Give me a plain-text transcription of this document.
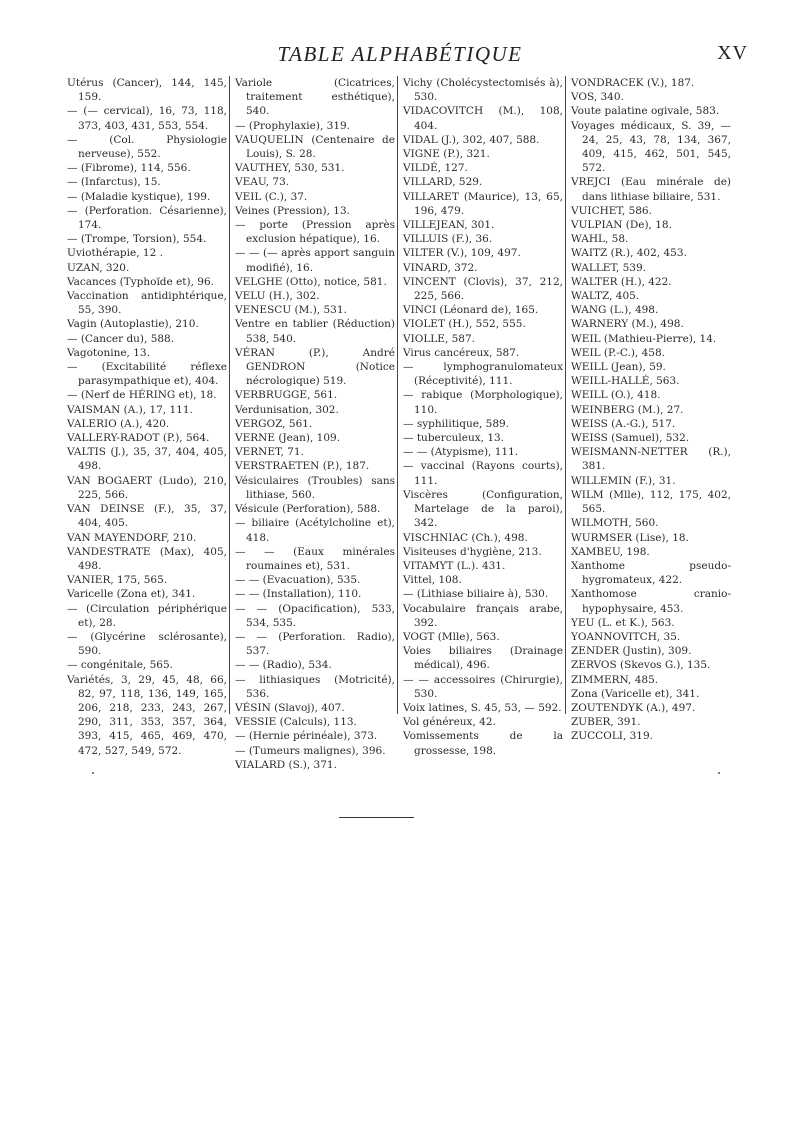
TABLE ALPHABÉTIQUE	XV
Utérus (Cancer), 144, 145, 159.
— (— cervical), 16, 73, 118, 373, 403, 431, 553, 554.
— (Col. Physiologie nerveuse), 552.
— (Fibrome), 114, 556.
— (Infarctus), 15.
— (Maladie kystique), 199.
— (Perforation. Césarienne), 174.
— (Trompe, Torsion), 554.
Uviothérapie, 12 .
UZAN, 320.
Vacances (Typhoïde et), 96.
Vaccination antidiphtérique, 55, 390.
Vagin (Autoplastie), 210.
— (Cancer du), 588.
Vagotonine, 13.
— (Excitabilité réflexe parasympathique et), 404.
— (Nerf de HÉRING et), 18.
VAISMAN (A.), 17, 111.
VALERIO (A.), 420.
VALLERY-RADOT (P.), 564.
VALTIS (J.), 35, 37, 404, 405, 498.
VAN BOGAERT (Ludo), 210, 225, 566.
VAN DEINSE (F.), 35, 37, 404, 405.
VAN MAYENDORF, 210.
VANDESTRATE (Max), 405, 498.
VANIER, 175, 565.
Varicelle (Zona et), 341.
— (Circulation périphérique et), 28.
— (Glycérine sclérosante), 590.
— congénitale, 565.
Variétés, 3, 29, 45, 48, 66, 82, 97, 118, 136, 149, 165, 206, 218, 233, 243, 267, 290, 311, 353, 357, 364, 393, 415, 465, 469, 470, 472, 527, 549, 572.
Variole (Cicatrices, traitement esthétique), 540.
— (Prophylaxie), 319.
VAUQUELIN (Centenaire de Louis), S. 28.
VAUTHEY, 530, 531.
VEAU, 73.
VEIL (C.), 37.
Veines (Pression), 13.
— porte (Pression après exclusion hépatique), 16.
— — (— après apport sanguin modifié), 16.
VELGHE (Otto), notice, 581.
VELU (H.), 302.
VENESCU (M.), 531.
Ventre en tablier (Réduction) 538, 540.
VÉRAN (P.), André GENDRON (Notice nécrologique) 519.
VERBRUGGE, 561.
Verdunisation, 302.
VERGOZ, 561.
VERNE (Jean), 109.
VERNET, 71.
VERSTRAETEN (P.), 187.
Vésiculaires (Troubles) sans lithiase, 560.
Vésicule (Perforation), 588.
— biliaire (Acétylcholine et), 418.
— — (Eaux minérales roumaines et), 531.
— — (Evacuation), 535.
— — (Installation), 110.
— — (Opacification), 533, 534, 535.
— — (Perforation. Radio), 537.
— — (Radio), 534.
— lithiasiques (Motricité), 536.
VÉSIN (Slavoj), 407.
VESSIE (Calculs), 113.
— (Hernie périnéale), 373.
— (Tumeurs malignes), 396.
VIALARD (S.), 371.
Vichy (Cholécystectomisés à), 530.
VIDACOVITCH (M.), 108, 404.
VIDAL (J.), 302, 407, 588.
VIGNE (P.), 321.
VILDÉ, 127.
VILLARD, 529.
VILLARET (Maurice), 13, 65, 196, 479.
VILLEJEAN, 301.
VILLUIS (F.), 36.
VILTER (V.), 109, 497.
VINARD, 372.
VINCENT (Clovis), 37, 212, 225, 566.
VINCI (Léonard de), 165.
VIOLET (H.), 552, 555.
VIOLLE, 587.
Virus cancéreux, 587.
— lymphogranulomateux (Réceptivité), 111.
— rabique (Morphologique), 110.
— syphilitique, 589.
— tuberculeux, 13.
— — (Atypisme), 111.
— vaccinal (Rayons courts), 111.
Viscères (Configuration, Martelage de la paroi), 342.
VISCHNIAC (Ch.), 498.
Visiteuses d'hygiène, 213.
VITAMYT (L.). 431.
Vittel, 108.
— (Lithiase biliaire à), 530.
Vocabulaire français arabe, 392.
VOGT (Mlle), 563.
Voies biliaires (Drainage médical), 496.
— — accessoires (Chirurgie), 530.
Voix latines, S. 45, 53, — 592.
Vol généreux, 42.
Vomissements de la grossesse, 198.
VONDRACEK (V.), 187.
VOS, 340.
Voute palatine ogivale, 583.
Voyages médicaux, S. 39, — 24, 25, 43, 78, 134, 367, 409, 415, 462, 501, 545, 572.
VREJCI (Eau minérale de) dans lithiase biliaire, 531.
VUICHET, 586.
VULPIAN (De), 18.
WAHL, 58.
WAITZ (R.), 402, 453.
WALLET, 539.
WALTER (H.), 422.
WALTZ, 405.
WANG (L.), 498.
WARNERY (M.), 498.
WEIL (Mathieu-Pierre), 14.
WEIL (P.-C.), 458.
WEILL (Jean), 59.
WEILL-HALLÉ, 563.
WEILL (O.), 418.
WEINBERG (M.), 27.
WEISS (A.-G.), 517.
WEISS (Samuel), 532.
WEISMANN-NETTER (R.), 381.
WILLEMIN (F.), 31.
WILM (Mlle), 112, 175, 402, 565.
WILMOTH, 560.
WURMSER (Lise), 18.
XAMBEU, 198.
Xanthome pseudo-hygromateux, 422.
Xanthomose cranio-hypophysaire, 453.
YEU (L. et K.), 563.
YOANNOVITCH, 35.
ZENDER (Justin), 309.
ZERVOS (Skevos G.), 135.
ZIMMERN, 485.
Zona (Varicelle et), 341.
ZOUTENDYK (A.), 497.
ZUBER, 391.
ZUCCOLI, 319.
